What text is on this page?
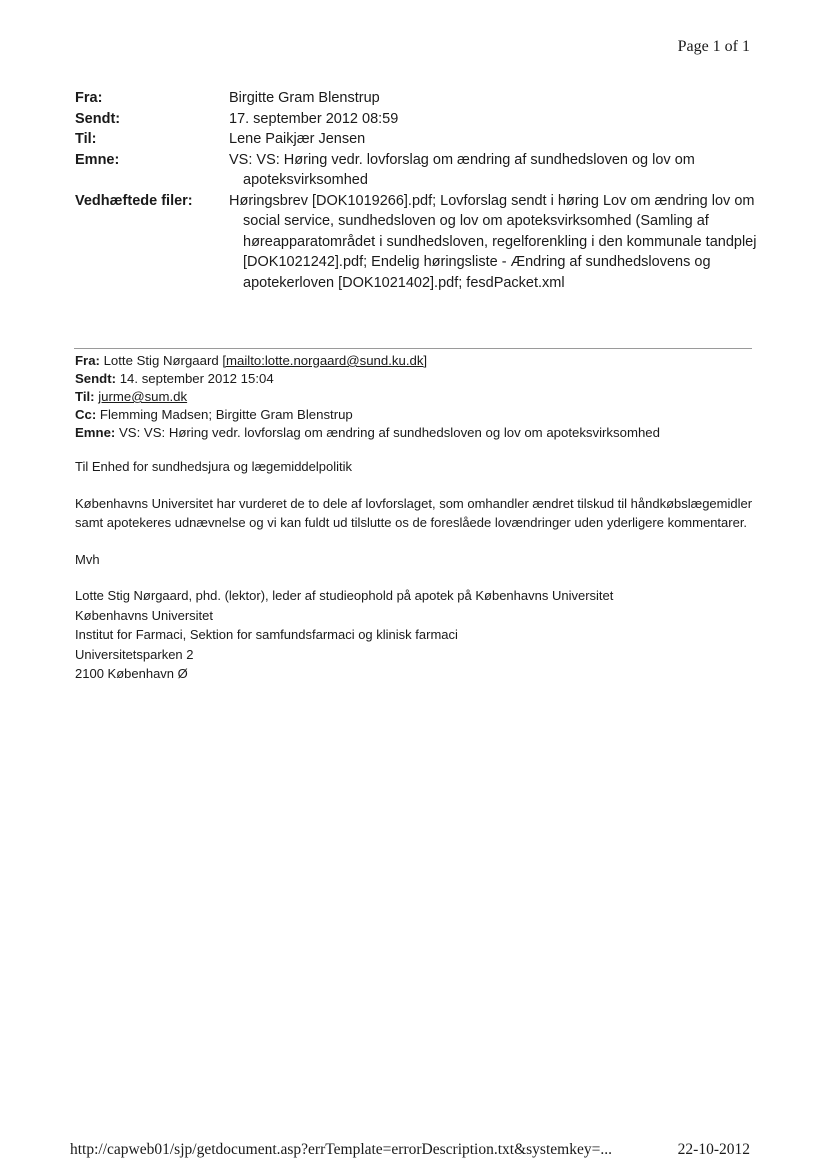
Page 1 of 1
Fra:	Birgitte Gram Blenstrup
Sendt:	17. september 2012 08:59
Til:	Lene Paikjær Jensen
Emne:	VS: VS: Høring vedr. lovforslag om ændring af sundhedsloven og lov om apoteksvirksomhed
Vedhæftede filer:	Høringsbrev [DOK1019266].pdf; Lovforslag sendt i høring Lov om ændring lov om social service, sundhedsloven og lov om apoteksvirksomhed (Samling af høreapparatområdet i sundhedsloven, regelforenkling i den kommunale tandplej [DOK1021242].pdf; Endelig høringsliste - Ændring af sundhedslovens og apotekerloven [DOK1021402].pdf; fesdPacket.xml
Fra: Lotte Stig Nørgaard [mailto:lotte.norgaard@sund.ku.dk]
Sendt: 14. september 2012 15:04
Til: jurme@sum.dk
Cc: Flemming Madsen; Birgitte Gram Blenstrup
Emne: VS: VS: Høring vedr. lovforslag om ændring af sundhedsloven og lov om apoteksvirksomhed

Til Enhed for sundhedsjura og lægemiddelpolitik

Københavns Universitet har vurderet de to dele af lovforslaget, som omhandler ændret tilskud til håndkøbslægemidler samt apotekeres udnævnelse og vi kan fuldt ud tilslutte os de foreslåede lovændringer uden yderligere kommentarer.

Mvh

Lotte Stig Nørgaard, phd. (lektor), leder af studieophold på apotek på Københavns Universitet

Københavns Universitet

Institut for Farmaci, Sektion for samfundsfarmaci og klinisk farmaci

Universitetsparken 2

2100 København Ø

http://capweb01/sjp/getdocument.asp?errTemplate=errorDescription.txt&systemkey=...	22-10-2012
